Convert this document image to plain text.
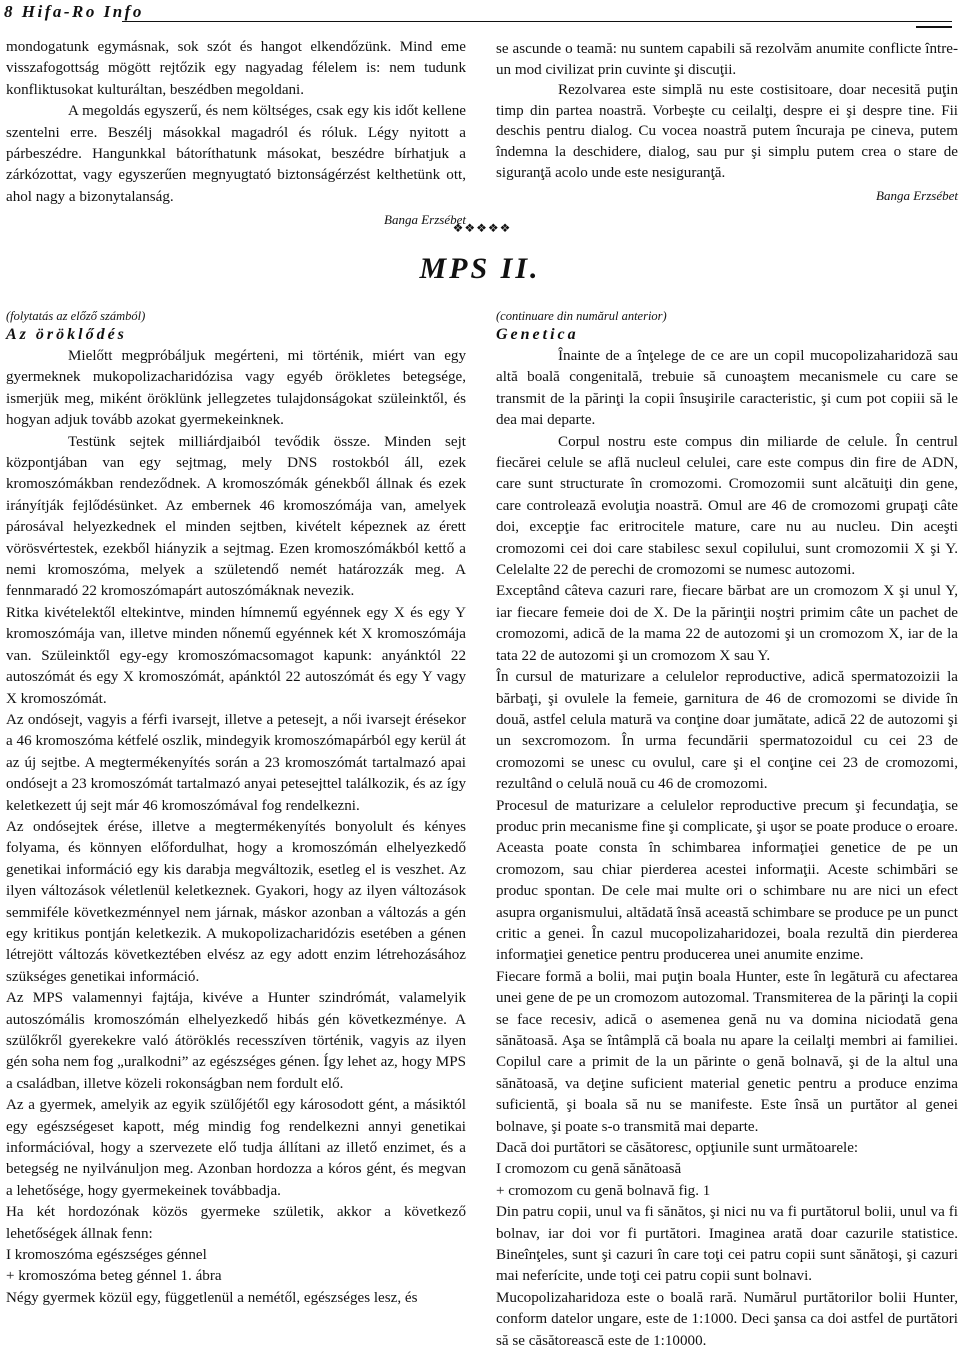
8 Hifa-Ro Info

mondogatunk egymásnak, sok szót és hangot elkendőzünk. Mind eme visszafogottság mögött rejtőzik egy nagyadag félelem is: nem tudunk konfliktusokat kulturáltan, beszédben megoldani.

A megoldás egyszerű, és nem költséges, csak egy kis időt kellene szentelni erre. Beszélj másokkal magadról és róluk. Légy nyitott a párbeszédre. Hangunkkal bátoríthatunk másokat, beszédre bírhatjuk a zárkózottat, vagy egyszerűen megnyugtató biztonságérzést kelthetünk ott, ahol nagy a bizonytalanság.

Banga Erzsébet

se ascunde o teamă: nu suntem capabili să rezolvăm anumite conflicte între-un mod civilizat prin cuvinte şi discuţii.

Rezolvarea este simplă nu este costisitoare, doar necesită puţin timp din partea noastră. Vorbeşte cu ceilalţi, despre ei şi despre tine. Fii deschis pentru dialog. Cu vocea noastră putem încuraja pe cineva, putem îndemna la deschidere, dialog, sau pur şi simplu putem crea o stare de siguranţă acolo unde este nesiguranţă.

Banga Erzsébet

❖❖❖❖❖
MPS II.

(folytatás az előző számból)

Az öröklődés

Mielőtt megpróbáljuk megérteni, mi történik, miért van egy gyermeknek mukopolizacharidózisa vagy egyéb örökletes betegsége, ismerjük meg, miként öröklünk jellegzetes tulajdonságokat szüleinktől, és hogyan adjuk tovább azokat gyermekeinknek.

Testünk sejtek milliárdjaiból tevődik össze. Minden sejt központjában van egy sejtmag, mely DNS rostokból áll, ezek kromoszómákban rendeződnek. A kromoszómák génekből állnak és ezek irányítják fejlődésünket. Az embernek 46 kromoszómája van, amelyek párosával helyezkednek el minden sejtben, kivételt képeznek az érett vörösvértestek, ezekből hiányzik a sejtmag. Ezen kromoszómákból kettő a nemi kromoszóma, melyek a születendő nemét határozzák meg. A fennmaradó 22 kromoszómapárt autoszómáknak nevezik.

Ritka kivételektől eltekintve, minden hímnemű egyénnek egy X és egy Y kromoszómája van, illetve minden nőnemű egyénnek két X kromoszómája van. Szüleinktől egy-egy kromoszómacsomagot kapunk: anyánktól 22 autoszómát és egy X kromoszómát, apánktól 22 autoszómát és egy Y vagy X kromoszómát.

Az ondósejt, vagyis a férfi ivarsejt, illetve a petesejt, a női ivarsejt érésekor a 46 kromoszóma kétfelé oszlik, mindegyik kromoszómapárból egy kerül át az új sejtbe. A megtermékenyítés során a 23 kromoszómát tartalmazó apai ondósejt a 23 kromoszómát tartalmazó anyai petesejttel találkozik, és az így keletkezett új sejt már 46 kromoszómával fog rendelkezni.

Az ondósejtek érése, illetve a megtermékenyítés bonyolult és kényes folyama, és könnyen előfordulhat, hogy a kromoszómán elhelyezkedő genetikai információ egy kis darabja megváltozik, esetleg el is veszhet. Az ilyen változások véletlenül keletkeznek. Gyakori, hogy az ilyen változások semmiféle következménnyel nem járnak, máskor azonban a változás a gén egy kritikus pontján keletkezik. A mukopolizacharidózis esetében a génen létrejött változás következtében elvész az egy adott enzim létrehozásához szükséges genetikai információ.

Az MPS valamennyi fajtája, kivéve a Hunter szindrómát, valamelyik autoszómális kromoszómán elhelyezkedő hibás gén következménye. A szülőkről gyerekekre való átöröklés recesszíven történik, vagyis az ilyen gén soha nem fog „uralkodni” az egészséges génen. Így lehet az, hogy MPS a családban, illetve közeli rokonságban nem fordult elő.

Az a gyermek, amelyik az egyik szülőjétől egy károsodott gént, a másiktól egy egészségeset kapott, még mindig fog rendelkezni annyi genetikai információval, hogy a szervezete elő tudja állítani az illető enzimet, és a betegség ne nyilvánuljon meg. Azonban hordozza a kóros gént, és megvan a lehetősége, hogy gyermekeinek továbbadja.

Ha két hordozónak közös gyermeke születik, akkor a következő lehetőségek állnak fenn:

I kromoszóma egészséges génnel

+ kromoszóma beteg génnel 1. ábra

Négy gyermek közül egy, függetlenül a nemétől, egészséges lesz, és

(continuare din numărul anterior)

Genetica

Înainte de a înţelege de ce are un copil mucopolizaharidoză sau altă boală congenitală, trebuie să cunoaştem mecanismele cu care se transmit de la părinţi la copii însuşirile caracteristic, şi cum pot copiii să le dea mai departe.

Corpul nostru este compus din miliarde de celule. În centrul fiecărei celule se află nucleul celulei, care este compus din fire de ADN, care sunt structurate în cromozomi. Cromozomii sunt alcătuiţi din gene, care controlează evoluţia noastră. Omul are 46 de cromozomi grupaţi câte doi, excepţie fac eritrocitele mature, care nu au nucleu. Din aceşti cromozomi cei doi care stabilesc sexul copilului, sunt cromozomii X şi Y. Celelalte 22 de perechi de cromozomi se numesc autozomi.

Exceptând câteva cazuri rare, fiecare bărbat are un cromozom X şi unul Y, iar fiecare femeie doi de X. De la părinţii noştri primim câte un pachet de cromozomi, adică de la mama 22 de autozomi şi un cromozom X, iar de la tata 22 de autozomi şi un cromozom X sau Y.

În cursul de maturizare a celulelor reproductive, adică spermatozoizii la bărbaţi, şi ovulele la femeie, garnitura de 46 de cromozomi se divide în două, astfel celula matură va conţine doar jumătate, adică 22 de autozomi şi un sexcromozom. În urma fecundării spermatozoidul cu cei 23 de cromozomi se unesc cu ovulul, care şi el conţine cei 23 de cromozomi, rezultând o celulă nouă cu 46 de cromozomi.

Procesul de maturizare a celulelor reproductive precum şi fecundaţia, se produc prin mecanisme fine şi complicate, şi uşor se poate produce o eroare. Aceasta poate consta în schimbarea informaţiei genetice de pe un cromozom, sau chiar pierderea acestei informaţii. Aceste schimbări se produc spontan. De cele mai multe ori o schimbare nu are nici un efect asupra organismului, altădată însă această schimbare se produce pe un punct critic a genei. În cazul mucopolizaharidozei, boala rezultă din pierderea informaţiei genetice pentru producerea unei anumite enzime.

Fiecare formă a bolii, mai puţin boala Hunter, este în legătură cu afectarea unei gene de pe un cromozom autozomal. Transmiterea de la părinţi la copii se face recesiv, adică o asemenea genă nu va domina niciodată gena sănătoasă. Aşa se întâmplă că boala nu apare la ceilalţi membri ai familiei. Copilul care a primit de la un părinte o genă bolnavă, şi de la altul una sănătoasă, va deţine suficient material genetic pentru a produce enzima suficientă, şi boala să nu se manifeste. Este însă un purtător al genei bolnave, şi poate s-o transmită mai departe.

Dacă doi purtători se căsătoresc, opţiunile sunt următoarele:

I cromozom cu genă sănătoasă

+ cromozom cu genă bolnavă fig. 1

Din patru copii, unul va fi sănătos, şi nici nu va fi purtătorul bolii, unul va fi bolnav, iar doi vor fi purtători. Imaginea arată doar cazurile statistice. Bineînţeles, sunt şi cazuri în care toţi cei patru copii sunt sănătoşi, şi cazuri mai neferícite, unde toţi cei patru copii sunt bolnavi.

Mucopolizaharidoza este o boală rară. Numărul purtătorilor bolii Hunter, conform datelor ungare, este de 1:1000. Deci şansa ca doi astfel de purtători să se căsătorească este de 1:10000.
